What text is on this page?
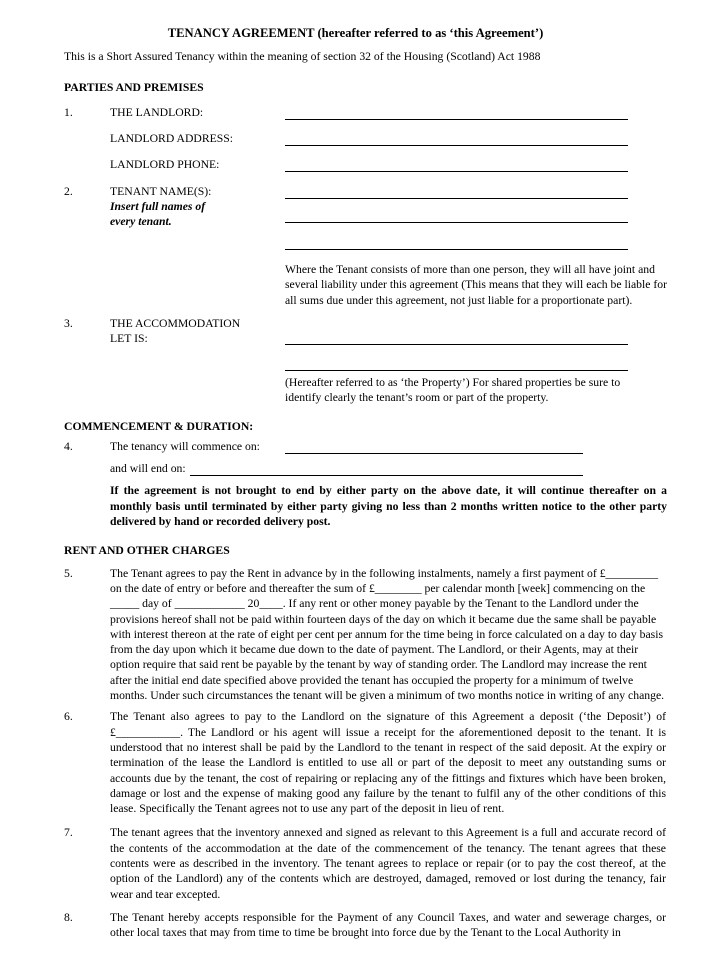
TENANCY AGREEMENT (hereafter referred to as ‘this Agreement’)
This is a Short Assured Tenancy within the meaning of section 32 of the Housing (Scotland) Act 1988
PARTIES AND PREMISES
1.	THE LANDLORD:
LANDLORD ADDRESS:
LANDLORD PHONE:
2.	TENANT NAME(S):
Insert full names of every tenant.
Where the Tenant consists of more than one person, they will all have joint and several liability under this agreement (This means that they will each be liable for all sums due under this agreement, not just liable for a proportionate part).
3.	THE ACCOMMODATION LET IS:
(Hereafter referred to as ‘the Property’) For shared properties be sure to identify clearly the tenant’s room or part of the property.
COMMENCEMENT & DURATION:
4.	The tenancy will commence on:
and will end on:
If the agreement is not brought to end by either party on the above date, it will continue thereafter on a monthly basis until terminated by either party giving no less than 2 months written notice to the other party delivered by hand or recorded delivery post.
RENT AND OTHER CHARGES
5.	The Tenant agrees to pay the Rent in advance by in the following instalments, namely a first payment of £_________ on the date of entry or before and thereafter the sum of £________ per calendar month [week] commencing on the _____ day of ____________ 20____. If any rent or other money payable by the Tenant to the Landlord under the provisions hereof shall not be paid within fourteen days of the day on which it became due the same shall be payable with interest thereon at the rate of eight per cent per annum for the time being in force calculated on a day to day basis from the day upon which it became due down to the date of payment. The Landlord, or their Agents, may at their option require that said rent be payable by the tenant by way of standing order. The Landlord may increase the rent after the initial end date specified above provided the tenant has occupied the property for a minimum of twelve months. Under such circumstances the tenant will be given a minimum of two months notice in writing of any change.
6.	The Tenant also agrees to pay to the Landlord on the signature of this Agreement a deposit (‘the Deposit’) of £___________. The Landlord or his agent will issue a receipt for the aforementioned deposit to the tenant. It is understood that no interest shall be paid by the Landlord to the tenant in respect of the said deposit. At the expiry or termination of the lease the Landlord is entitled to use all or part of the deposit to meet any outstanding sums or accounts due by the tenant, the cost of repairing or replacing any of the fittings and fixtures which have been broken, damage or lost and the expense of making good any failure by the tenant to fulfil any of the other conditions of this lease. Specifically the Tenant agrees not to use any part of the deposit in lieu of rent.
7.	The tenant agrees that the inventory annexed and signed as relevant to this Agreement is a full and accurate record of the contents of the accommodation at the date of the commencement of the tenancy. The tenant agrees that these contents were as described in the inventory. The tenant agrees to replace or repair (or to pay the cost thereof, at the option of the Landlord) any of the contents which are destroyed, damaged, removed or lost during the tenancy, fair wear and tear excepted.
8.	The Tenant hereby accepts responsible for the Payment of any Council Taxes, and water and sewerage charges, or other local taxes that may from time to time be brought into force due by the Tenant to the Local Authority in
